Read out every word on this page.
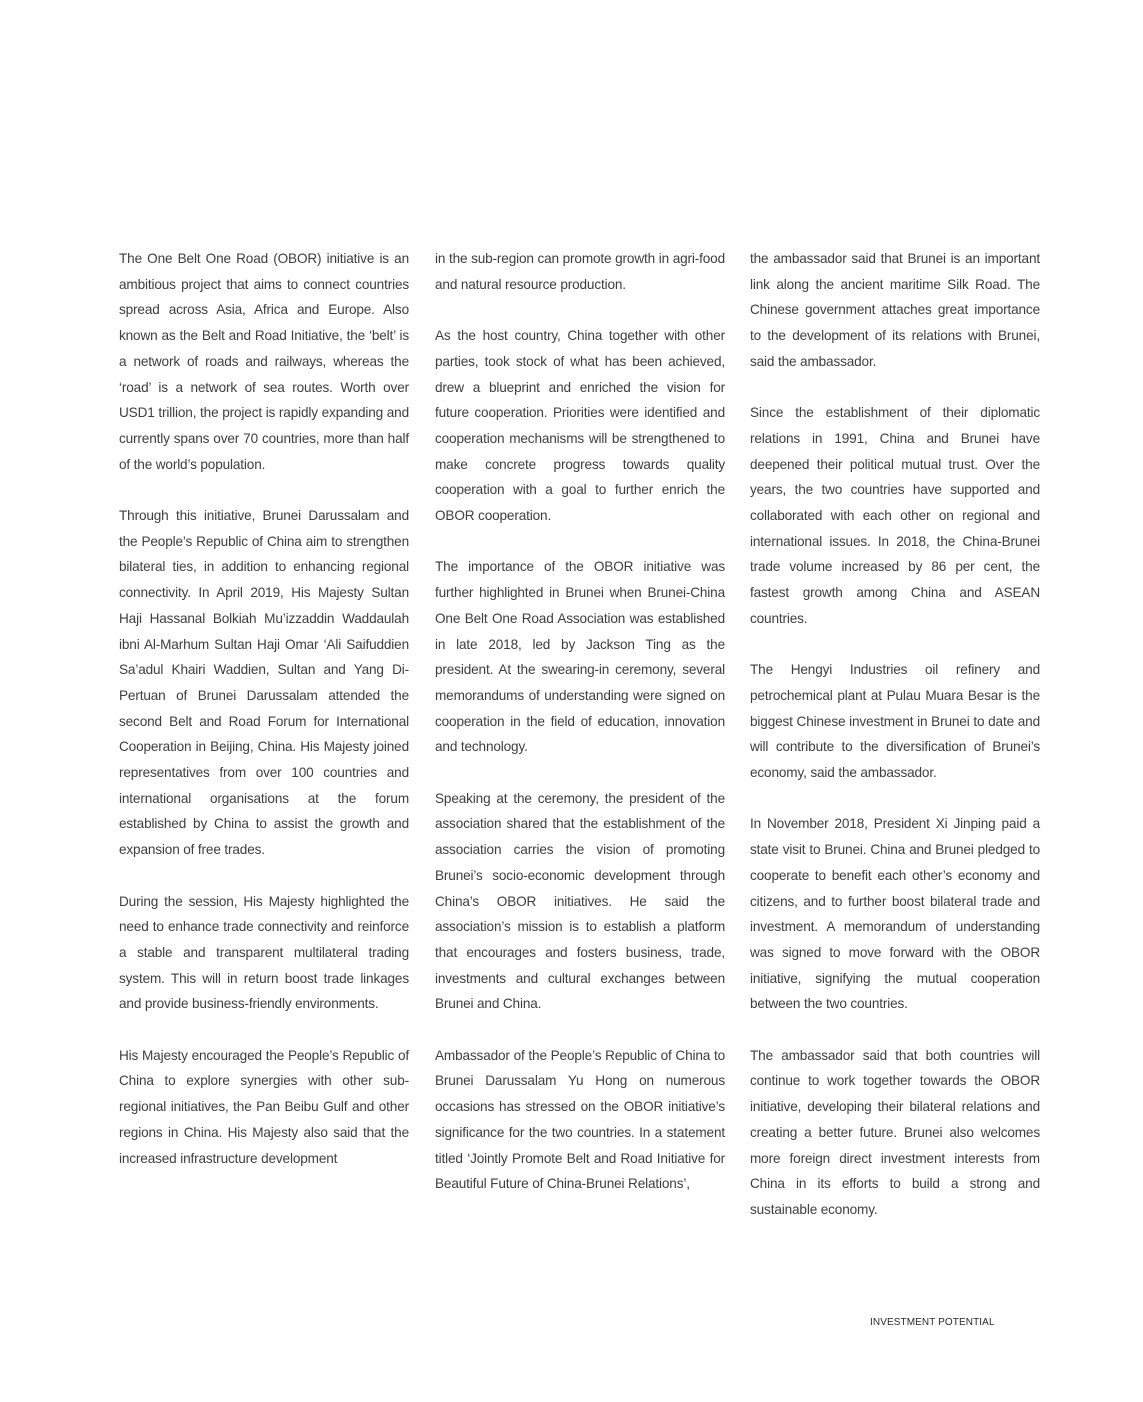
The One Belt One Road (OBOR) initiative is an ambitious project that aims to connect countries spread across Asia, Africa and Europe. Also known as the Belt and Road Initiative, the ‘belt’ is a network of roads and railways, whereas the ‘road’ is a network of sea routes. Worth over USD1 trillion, the project is rapidly expanding and currently spans over 70 countries, more than half of the world’s population.

Through this initiative, Brunei Darussalam and the People’s Republic of China aim to strengthen bilateral ties, in addition to enhancing regional connectivity. In April 2019, His Majesty Sultan Haji Hassanal Bolkiah Mu’izzaddin Waddaulah ibni Al-Marhum Sultan Haji Omar ‘Ali Saifuddien Sa’adul Khairi Waddien, Sultan and Yang Di-Pertuan of Brunei Darussalam attended the second Belt and Road Forum for International Cooperation in Beijing, China. His Majesty joined representatives from over 100 countries and international organisations at the forum established by China to assist the growth and expansion of free trades.

During the session, His Majesty highlighted the need to enhance trade connectivity and reinforce a stable and transparent multilateral trading system. This will in return boost trade linkages and provide business-friendly environments.

His Majesty encouraged the People’s Republic of China to explore synergies with other sub-regional initiatives, the Pan Beibu Gulf and other regions in China. His Majesty also said that the increased infrastructure development

in the sub-region can promote growth in agri-food and natural resource production.

As the host country, China together with other parties, took stock of what has been achieved, drew a blueprint and enriched the vision for future cooperation. Priorities were identified and cooperation mechanisms will be strengthened to make concrete progress towards quality cooperation with a goal to further enrich the OBOR cooperation.

The importance of the OBOR initiative was further highlighted in Brunei when Brunei-China One Belt One Road Association was established in late 2018, led by Jackson Ting as the president. At the swearing-in ceremony, several memorandums of understanding were signed on cooperation in the field of education, innovation and technology.

Speaking at the ceremony, the president of the association shared that the establishment of the association carries the vision of promoting Brunei’s socio-economic development through China’s OBOR initiatives. He said the association’s mission is to establish a platform that encourages and fosters business, trade, investments and cultural exchanges between Brunei and China.

Ambassador of the People’s Republic of China to Brunei Darussalam Yu Hong on numerous occasions has stressed on the OBOR initiative’s significance for the two countries. In a statement titled ‘Jointly Promote Belt and Road Initiative for Beautiful Future of China-Brunei Relations’,

the ambassador said that Brunei is an important link along the ancient maritime Silk Road. The Chinese government attaches great importance to the development of its relations with Brunei, said the ambassador.

Since the establishment of their diplomatic relations in 1991, China and Brunei have deepened their political mutual trust. Over the years, the two countries have supported and collaborated with each other on regional and international issues. In 2018, the China-Brunei trade volume increased by 86 per cent, the fastest growth among China and ASEAN countries.

The Hengyi Industries oil refinery and petrochemical plant at Pulau Muara Besar is the biggest Chinese investment in Brunei to date and will contribute to the diversification of Brunei’s economy, said the ambassador.

In November 2018, President Xi Jinping paid a state visit to Brunei. China and Brunei pledged to cooperate to benefit each other’s economy and citizens, and to further boost bilateral trade and investment. A memorandum of understanding was signed to move forward with the OBOR initiative, signifying the mutual cooperation between the two countries.

The ambassador said that both countries will continue to work together towards the OBOR initiative, developing their bilateral relations and creating a better future. Brunei also welcomes more foreign direct investment interests from China in its efforts to build a strong and sustainable economy.

INVESTMENT POTENTIAL
